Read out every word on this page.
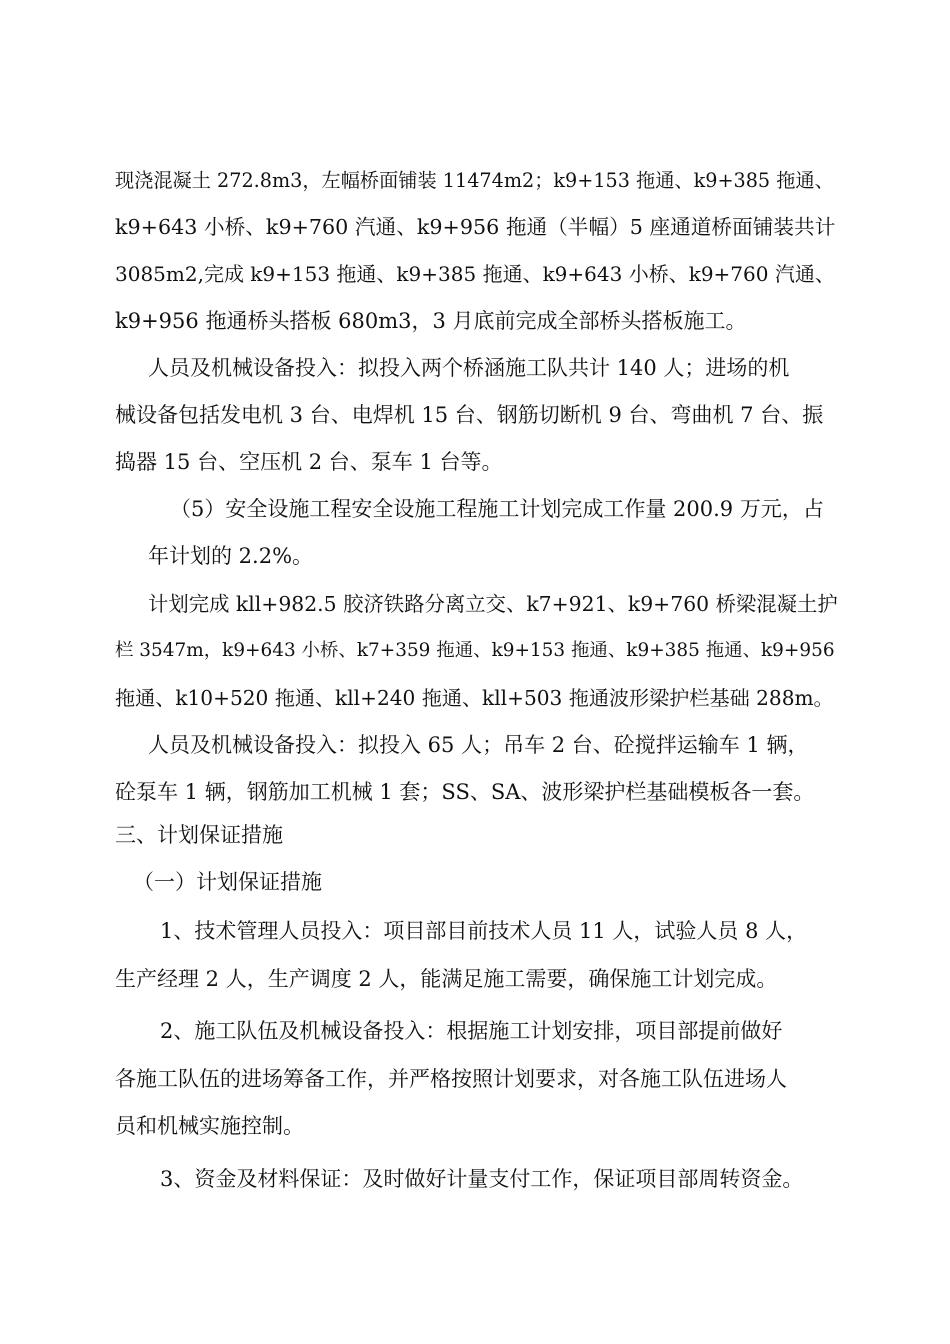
现浇混凝土 272.8m3，左幅桥面铺装 11474m2；k9+153 拖通、k9+385 拖通、
k9+643 小桥、k9+760 汽通、k9+956 拖通（半幅）5 座通道桥面铺装共计
3085m2,完成 k9+153 拖通、k9+385 拖通、k9+643 小桥、k9+760 汽通、
k9+956 拖通桥头搭板 680m3，3 月底前完成全部桥头搭板施工。
人员及机械设备投入：拟投入两个桥涵施工队共计 140 人；进场的机
械设备包括发电机 3 台、电焊机 15 台、钢筋切断机 9 台、弯曲机 7 台、振
捣器 15 台、空压机 2 台、泵车 1 台等。
（5）安全设施工程安全设施工程施工计划完成工作量 200.9 万元，占
年计划的 2.2%。
计划完成 kll+982.5 胶济铁路分离立交、k7+921、k9+760 桥梁混凝土护
栏 3547m，k9+643 小桥、k7+359 拖通、k9+153 拖通、k9+385 拖通、k9+956
拖通、k10+520 拖通、kll+240 拖通、kll+503 拖通波形梁护栏基础 288m。
人员及机械设备投入：拟投入 65 人；吊车 2 台、砼搅拌运输车 1 辆，
砼泵车 1 辆，钢筋加工机械 1 套；SS、SA、波形梁护栏基础模板各一套。
三、计划保证措施
（一）计划保证措施
1、技术管理人员投入：项目部目前技术人员 11 人，试验人员 8 人，
生产经理 2 人，生产调度 2 人，能满足施工需要，确保施工计划完成。
2、施工队伍及机械设备投入：根据施工计划安排，项目部提前做好
各施工队伍的进场筹备工作，并严格按照计划要求，对各施工队伍进场人
员和机械实施控制。
3、资金及材料保证：及时做好计量支付工作，保证项目部周转资金。
